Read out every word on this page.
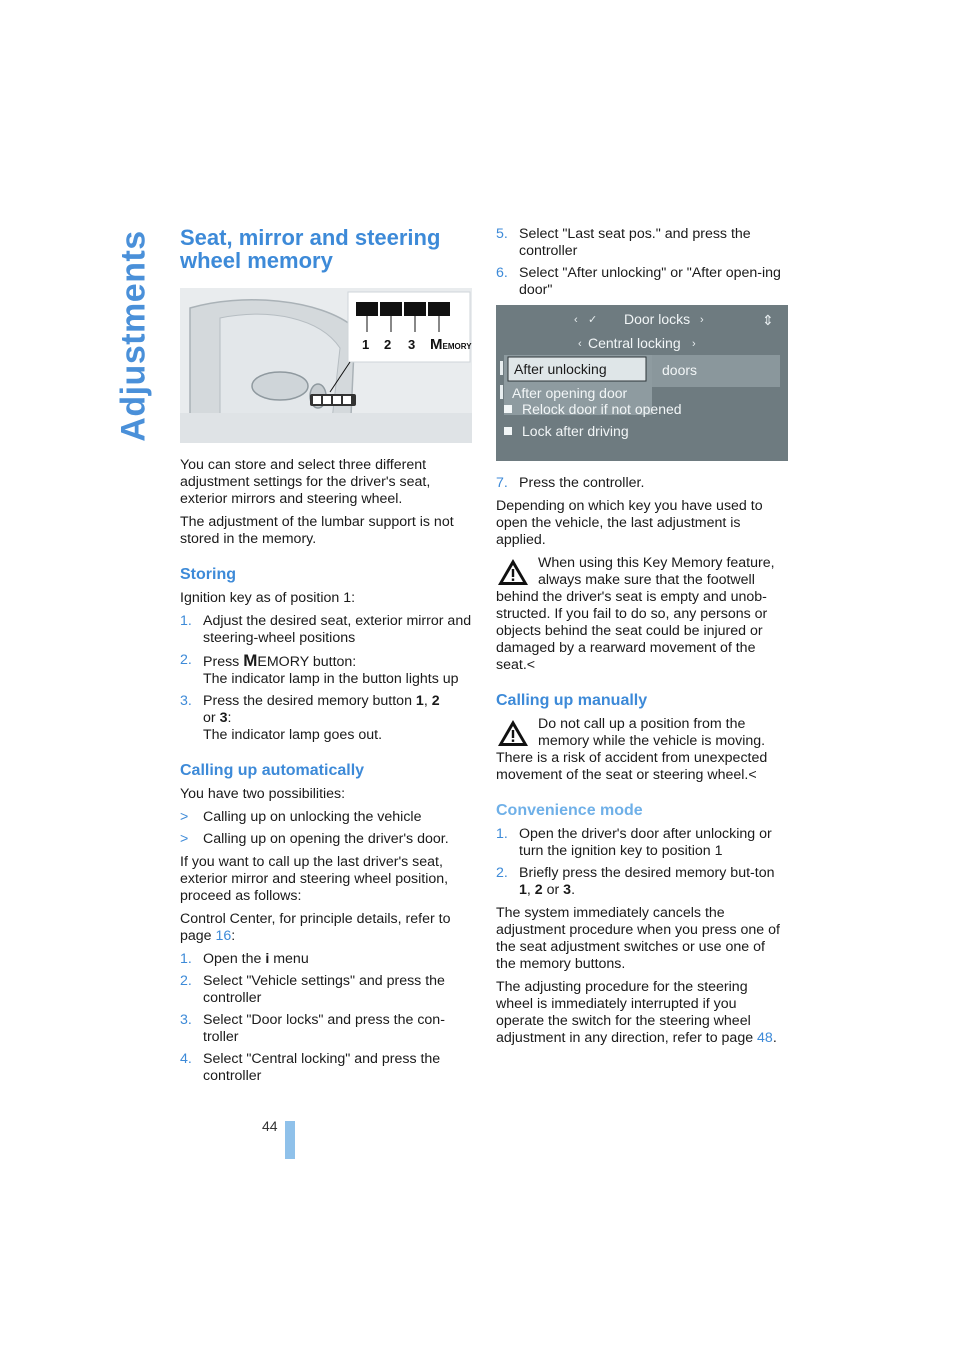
Adjustments Seat, mirror and steering wheel memory
1 2 3 MEMORY

You can store and select three different adjustment settings for the driver's seat, exterior mirrors and steering wheel.

The adjustment of the lumbar support is not stored in the memory.

Storing

Ignition key as of position 1:

1. Adjust the desired seat, exterior mirror and steering-wheel positions
2. Press MEMORY button:
The indicator lamp in the button lights up
3. Press the desired memory button 1, 2
or 3:
The indicator lamp goes out.
Calling up automatically

You have two possibilities:

> Calling up on unlocking the vehicle
> Calling up on opening the driver's door.

If you want to call up the last driver's seat, exterior mirror and steering wheel position, proceed as follows:

Control Center, for principle details, refer to page 16:

1. Open the i menu
2. Select "Vehicle settings" and press the controller
3. Select "Door locks" and press the con-troller
4. Select "Central locking" and press the controller
5. Select "Last seat pos." and press the controller
6. Select "After unlocking" or "After open-ing door"
‹ ✓ Door locks ›	⇕
‹ Central locking ›
After unlocking
After opening door
doors
Relock door if not opened
Lock after driving
7. Press the controller.

Depending on which key you have used to open the vehicle, the last adjustment is applied.

When using this Key Memory feature, always make sure that the footwell behind the driver's seat is empty and unob-structed. If you fail to do so, any persons or objects behind the seat could be injured or damaged by a rearward movement of the seat.<
Calling up manually
Do not call up a position from the memory while the vehicle is moving. There is a risk of accident from unexpected movement of the seat or steering wheel.<
Convenience mode
1. Open the driver's door after unlocking or turn the ignition key to position 1
2. Briefly press the desired memory but-ton 1, 2 or 3.

The system immediately cancels the adjustment procedure when you press one of the seat adjustment switches or use one of the memory buttons.

The adjusting procedure for the steering wheel is immediately interrupted if you operate the switch for the steering wheel adjustment in any direction, refer to page 48.

44
